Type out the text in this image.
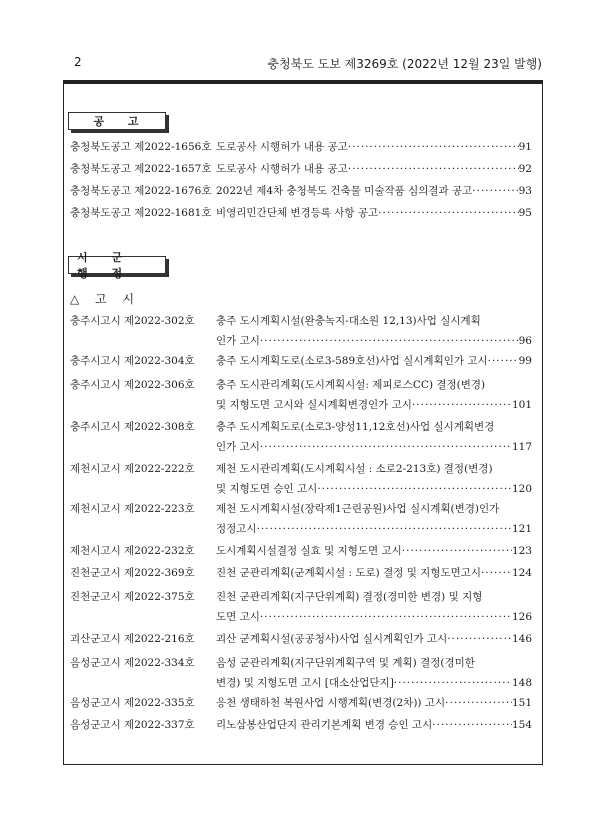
2	충청북도 도보 제3269호 (2022년 12월 23일 발행)
공 고
충청북도공고 제2022-1656호 도로공사 시행허가 내용 공고 ·····	91
충청북도공고 제2022-1657호 도로공사 시행허가 내용 공고 ·····	92
충청북도공고 제2022-1676호 2022년 제4차 충청북도 건축물 미술작품 심의결과 공고 ·····	93
충청북도공고 제2022-1681호 비영리민간단체 변경등록 사항 공고 ·····	95
시 군 행 정
△ 고 시
충주시고시 제2022-302호 충주 도시계획시설(완충녹지-대소원 12,13)사업 실시계획
인가 고시 ·····	96
충주시고시 제2022-304호 충주 도시계획도로(소로3-589호선)사업 실시계획인가 고시 ·····	99
충주시고시 제2022-306호 충주 도시관리계획(도시계획시설: 제피로스CC) 결정(변경)
및 지형도면 고시와 실시계획변경인가 고시 ·····	101
충주시고시 제2022-308호 충주 도시계획도로(소로3-양성11,12호선)사업 실시계획변경
인가 고시 ·····	117
제천시고시 제2022-222호 제천 도시관리계획(도시계획시설 : 소로2-213호) 결정(변경)
및 지형도면 승인 고시 ·····	120
제천시고시 제2022-223호 제천 도시계획시설(장락제1근린공원)사업 실시계획(변경)인가
정정고시 ·····	121
제천시고시 제2022-232호 도시계획시설결정 실효 및 지형도면 고시 ·····	123
진천군고시 제2022-369호 진천 군관리계획(군계획시설 : 도로) 결정 및 지형도면고시 ·····	124
진천군고시 제2022-375호 진천 군관리계획(지구단위계획) 결정(경미한 변경) 및 지형
도면 고시 ·····	126
괴산군고시 제2022-216호 괴산 군계획시설(공공청사)사업 실시계획인가 고시 ·····	146
음성군고시 제2022-334호 음성 군관리계획(지구단위계획구역 및 계획) 결정(경미한
변경) 및 지형도면 고시 [대소산업단지] ·····	148
음성군고시 제2022-335호 응천 생태하천 복원사업 시행계획(변경(2차)) 고시 ·····	151
음성군고시 제2022-337호 리노삼봉산업단지 관리기본계획 변경 승인 고시 ·····	154
